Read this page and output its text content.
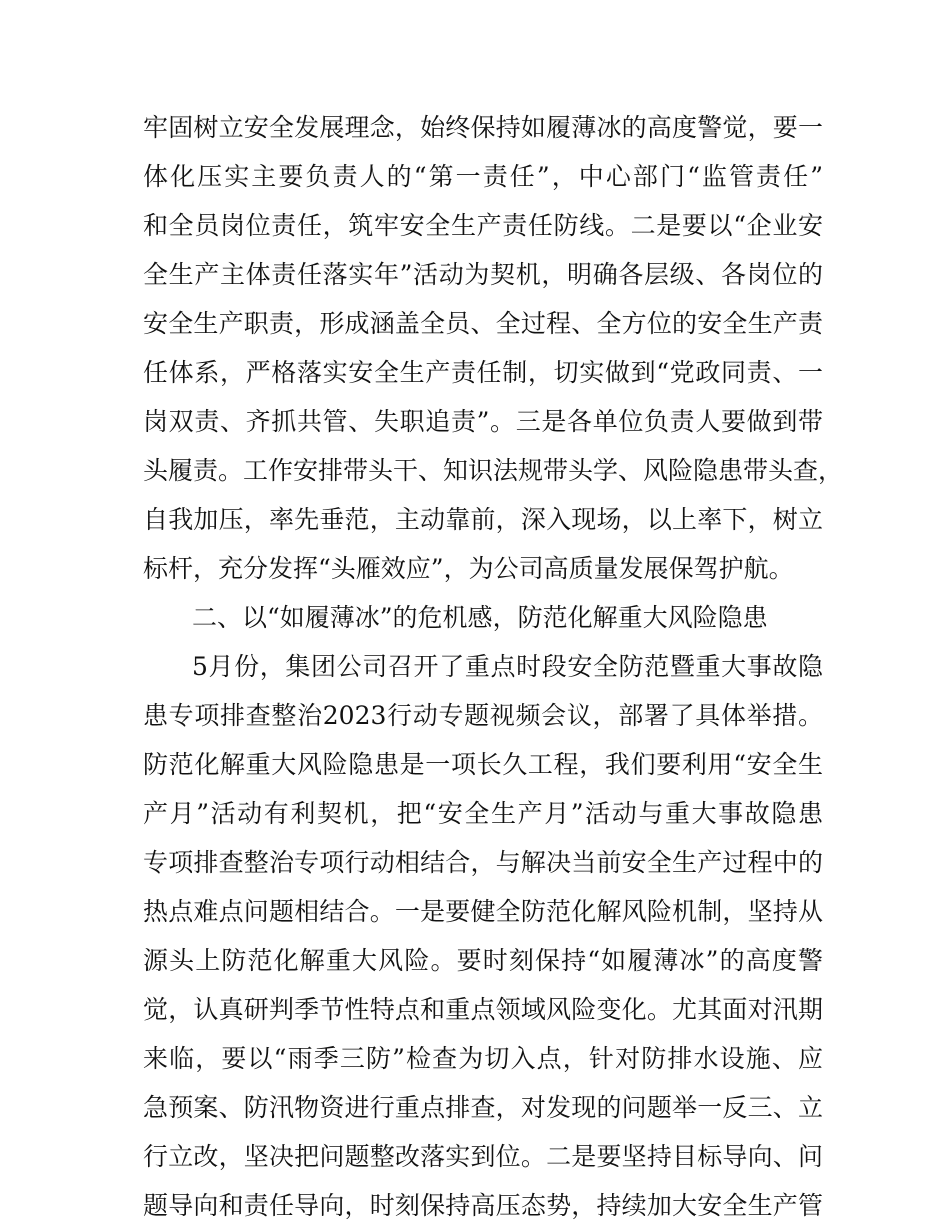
牢固树立安全发展理念，始终保持如履薄冰的高度警觉，要一
体化压实主要负责人的“第一责任”，中心部门“监管责任”
和全员岗位责任，筑牢安全生产责任防线。二是要以“企业安
全生产主体责任落实年”活动为契机，明确各层级、各岗位的
安全生产职责，形成涵盖全员、全过程、全方位的安全生产责
任体系，严格落实安全生产责任制，切实做到“党政同责、一
岗双责、齐抓共管、失职追责”。三是各单位负责人要做到带
头履责。工作安排带头干、知识法规带头学、风险隐患带头查，
自我加压，率先垂范，主动靠前，深入现场，以上率下，树立
标杆，充分发挥“头雁效应”，为公司高质量发展保驾护航。
二、以“如履薄冰”的危机感，防范化解重大风险隐患
5月份，集团公司召开了重点时段安全防范暨重大事故隐
患专项排查整治2023行动专题视频会议，部署了具体举措。
防范化解重大风险隐患是一项长久工程，我们要利用“安全生
产月”活动有利契机，把“安全生产月”活动与重大事故隐患
专项排查整治专项行动相结合，与解决当前安全生产过程中的
热点难点问题相结合。一是要健全防范化解风险机制，坚持从
源头上防范化解重大风险。要时刻保持“如履薄冰”的高度警
觉，认真研判季节性特点和重点领域风险变化。尤其面对汛期
来临，要以“雨季三防”检查为切入点，针对防排水设施、应
急预案、防汛物资进行重点排查，对发现的问题举一反三、立
行立改，坚决把问题整改落实到位。二是要坚持目标导向、问
题导向和责任导向，时刻保持高压态势，持续加大安全生产管
